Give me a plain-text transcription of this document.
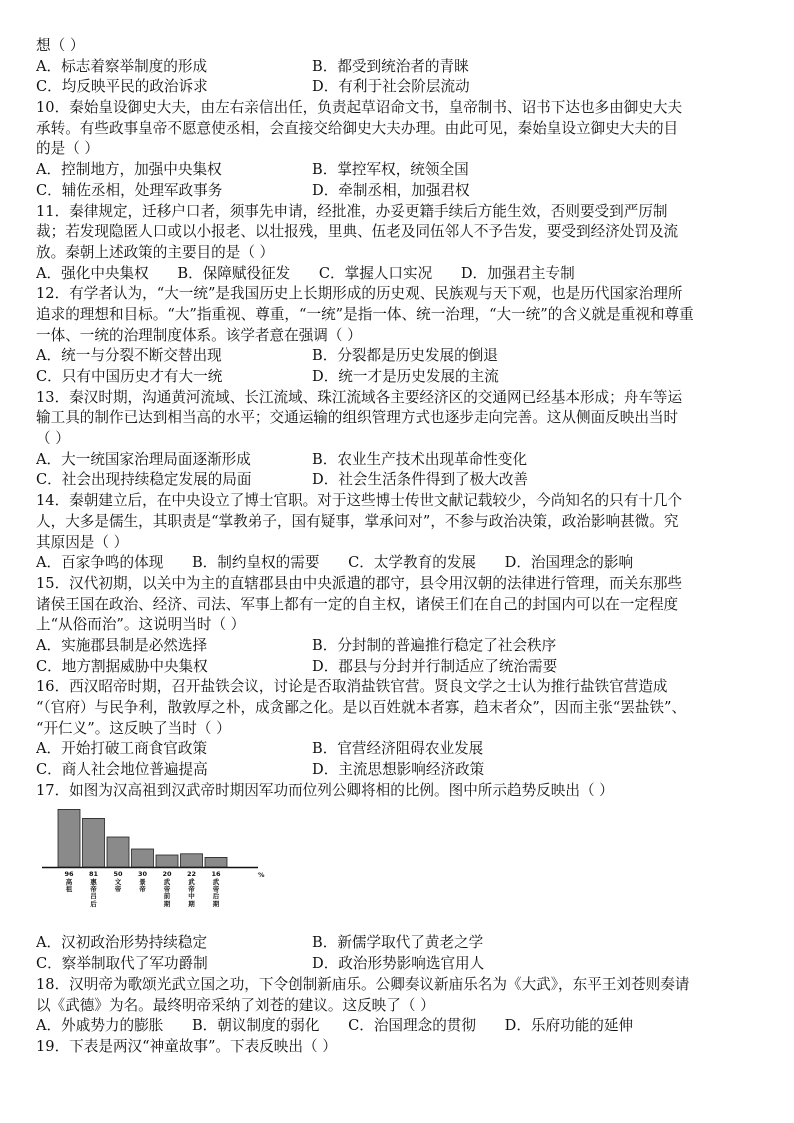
想（ ）
A．标志着察举制度的形成	B．都受到统治者的青睐
C．均反映平民的政治诉求	D．有利于社会阶层流动
10．秦始皇设御史大夫，由左右亲信出任，负责起草诏命文书，皇帝制书、诏书下达也多由御史大夫
承转。有些政事皇帝不愿意使丞相，会直接交给御史大夫办理。由此可见，秦始皇设立御史大夫的目
的是（ ）
A．控制地方，加强中央集权	B．掌控军权，统领全国
C．辅佐丞相，处理军政事务	D．牵制丞相，加强君权
11．秦律规定，迁移户口者，须事先申请，经批准，办妥更籍手续后方能生效，否则要受到严厉制
裁；若发现隐匿人口或以小报老、以壮报残，里典、伍老及同伍邻人不予告发，要受到经济处罚及流
放。秦朝上述政策的主要目的是（ ）
A．强化中央集权 B．保障赋役征发 C．掌握人口实况 D．加强君主专制
12．有学者认为，“大一统”是我国历史上长期形成的历史观、民族观与天下观，也是历代国家治理所
追求的理想和目标。“大”指重视、尊重，“一统”是指一体、统一治理，“大一统”的含义就是重视和尊重
一体、一统的治理制度体系。该学者意在强调（ ）
A．统一与分裂不断交替出现	B．分裂都是历史发展的倒退
C．只有中国历史才有大一统	D．统一才是历史发展的主流
13．秦汉时期，沟通黄河流域、长江流域、珠江流域各主要经济区的交通网已经基本形成；舟车等运
输工具的制作已达到相当高的水平；交通运输的组织管理方式也逐步走向完善。这从侧面反映出当时
（ ）
A．大一统国家治理局面逐渐形成	B．农业生产技术出现革命性变化
C．社会出现持续稳定发展的局面	D．社会生活条件得到了极大改善
14．秦朝建立后，在中央设立了博士官职。对于这些博士传世文献记载较少，今尚知名的只有十几个
人，大多是儒生，其职责是“掌教弟子，国有疑事，掌承问对”，不参与政治决策，政治影响甚微。究
其原因是（ ）
A．百家争鸣的体现 B．制约皇权的需要 C．太学教育的发展 D．治国理念的影响
15．汉代初期，以关中为主的直辖郡县由中央派遣的郡守，县令用汉朝的法律进行管理，而关东那些
诸侯王国在政治、经济、司法、军事上都有一定的自主权，诸侯王们在自己的封国内可以在一定程度
上“从俗而治”。这说明当时（ ）
A．实施郡县制是必然选择	B．分封制的普遍推行稳定了社会秩序
C．地方割据威胁中央集权	D．郡县与分封并行制适应了统治需要
16．西汉昭帝时期，召开盐铁会议，讨论是否取消盐铁官营。贤良文学之士认为推行盐铁官营造成
“（官府）与民争利，散敦厚之朴，成贪鄙之化。是以百姓就本者寡，趋末者众”，因而主张“罢盐铁”、
“开仁义”。这反映了当时（ ）
A．开始打破工商食官政策	B．官营经济阻碍农业发展
C．商人社会地位普遍提高	D．主流思想影响经济政策
17．如图为汉高祖到汉武帝时期因军功而位列公卿将相的比例。图中所示趋势反映出（ ）
96
高祖
81
惠帝吕后
50
文帝
30
景帝
20
武帝前期
22
武帝中期
16
武帝后期
%
A．汉初政治形势持续稳定	B．新儒学取代了黄老之学
C．察举制取代了军功爵制	D．政治形势影响选官用人
18．汉明帝为歌颂光武立国之功，下令创制新庙乐。公卿奏议新庙乐名为《大武》，东平王刘苍则奏请
以《武德》为名。最终明帝采纳了刘苍的建议。这反映了（ ）
A．外戚势力的膨胀 B．朝议制度的弱化 C．治国理念的贯彻 D．乐府功能的延伸
19．下表是两汉“神童故事”。下表反映出（ ）
